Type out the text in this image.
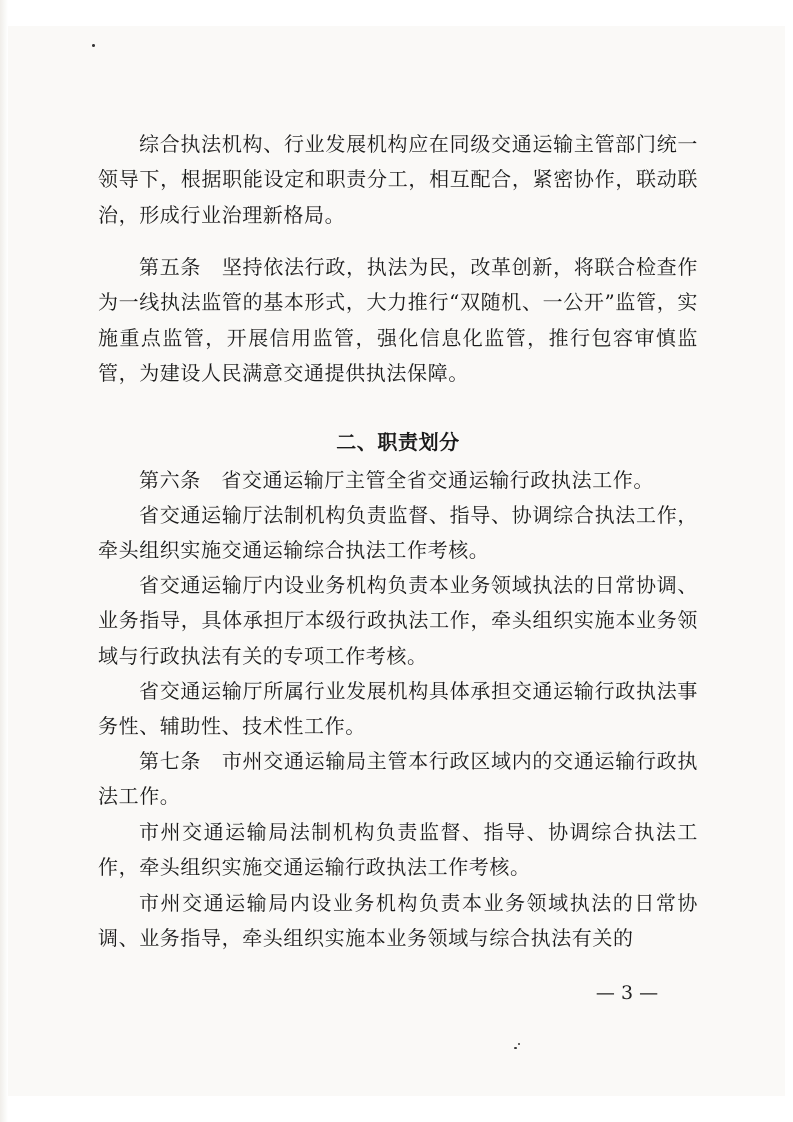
综合执法机构、行业发展机构应在同级交通运输主管部门统一领导下，根据职能设定和职责分工，相互配合，紧密协作，联动联治，形成行业治理新格局。

第五条　坚持依法行政，执法为民，改革创新，将联合检查作为一线执法监管的基本形式，大力推行“双随机、一公开”监管，实施重点监管，开展信用监管，强化信息化监管，推行包容审慎监管，为建设人民满意交通提供执法保障。

二、职责划分

第六条　省交通运输厅主管全省交通运输行政执法工作。

省交通运输厅法制机构负责监督、指导、协调综合执法工作，牵头组织实施交通运输综合执法工作考核。

省交通运输厅内设业务机构负责本业务领域执法的日常协调、业务指导，具体承担厅本级行政执法工作，牵头组织实施本业务领域与行政执法有关的专项工作考核。

省交通运输厅所属行业发展机构具体承担交通运输行政执法事务性、辅助性、技术性工作。

第七条　市州交通运输局主管本行政区域内的交通运输行政执法工作。

市州交通运输局法制机构负责监督、指导、协调综合执法工作，牵头组织实施交通运输行政执法工作考核。

市州交通运输局内设业务机构负责本业务领域执法的日常协调、业务指导，牵头组织实施本业务领域与综合执法有关的

— 3 —
